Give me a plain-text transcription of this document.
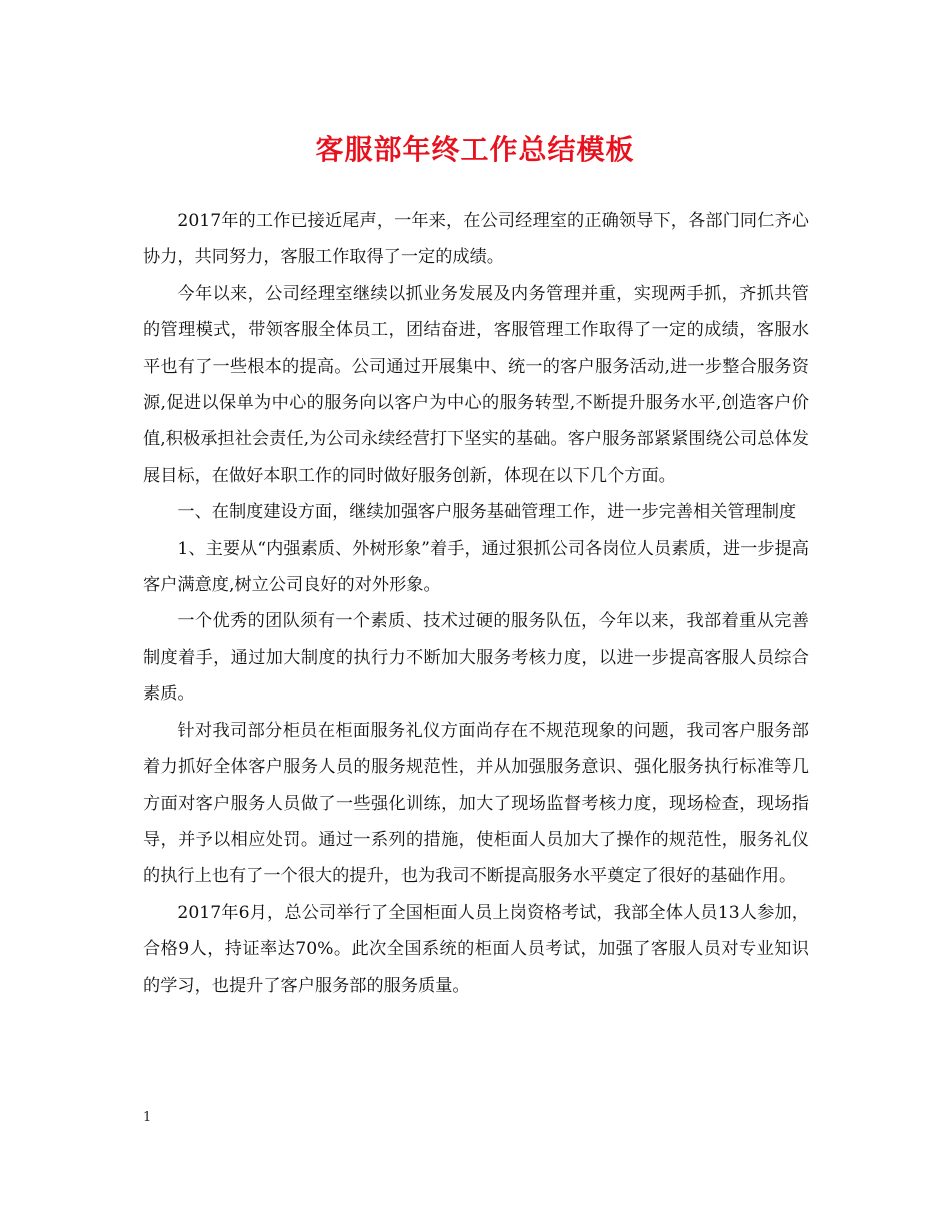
客服部年终工作总结模板

2017年的工作已接近尾声，一年来，在公司经理室的正确领导下，各部门同仁齐心协力，共同努力，客服工作取得了一定的成绩。

今年以来，公司经理室继续以抓业务发展及内务管理并重，实现两手抓，齐抓共管的管理模式，带领客服全体员工，团结奋进，客服管理工作取得了一定的成绩，客服水平也有了一些根本的提高。公司通过开展集中、统一的客户服务活动,进一步整合服务资源,促进以保单为中心的服务向以客户为中心的服务转型,不断提升服务水平,创造客户价值,积极承担社会责任,为公司永续经营打下坚实的基础。客户服务部紧紧围绕公司总体发展目标，在做好本职工作的同时做好服务创新，体现在以下几个方面。

一、在制度建设方面，继续加强客户服务基础管理工作，进一步完善相关管理制度

1、主要从“内强素质、外树形象”着手，通过狠抓公司各岗位人员素质，进一步提高客户满意度,树立公司良好的对外形象。

一个优秀的团队须有一个素质、技术过硬的服务队伍，今年以来，我部着重从完善制度着手，通过加大制度的执行力不断加大服务考核力度，以进一步提高客服人员综合素质。

针对我司部分柜员在柜面服务礼仪方面尚存在不规范现象的问题，我司客户服务部着力抓好全体客户服务人员的服务规范性，并从加强服务意识、强化服务执行标准等几方面对客户服务人员做了一些强化训练，加大了现场监督考核力度，现场检查，现场指导，并予以相应处罚。通过一系列的措施，使柜面人员加大了操作的规范性，服务礼仪的执行上也有了一个很大的提升，也为我司不断提高服务水平奠定了很好的基础作用。

2017年6月，总公司举行了全国柜面人员上岗资格考试，我部全体人员13人参加，合格9人，持证率达70%。此次全国系统的柜面人员考试，加强了客服人员对专业知识的学习，也提升了客户服务部的服务质量。

1
